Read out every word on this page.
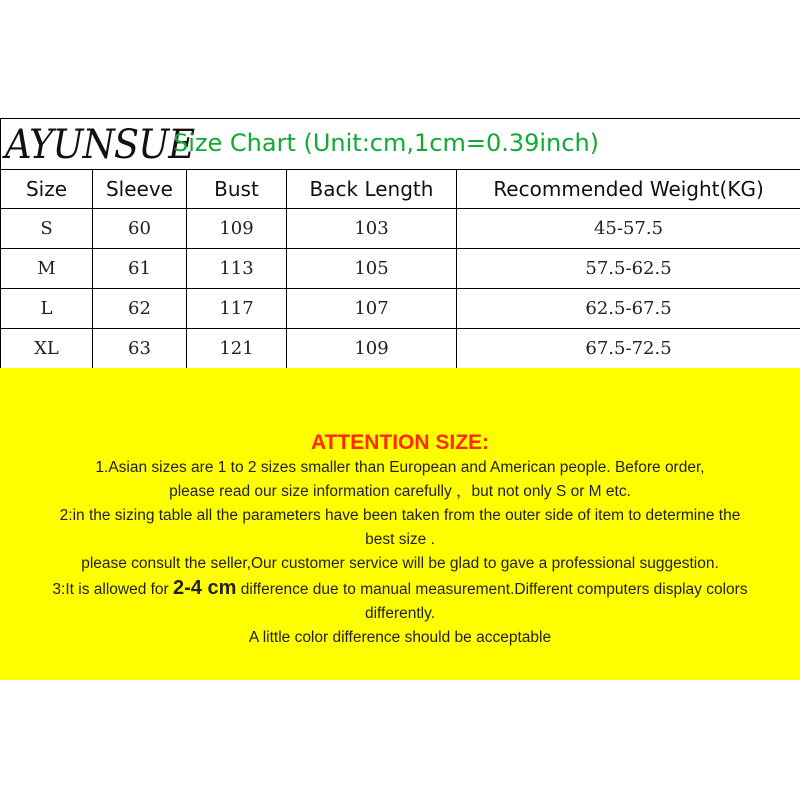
AYUNSUE
Size Chart (Unit:cm,1cm=0.39inch)				

Size	Sleeve	Bust	Back Length	Recommended Weight(KG)
S	60	109	103	45-57.5
M	61	113	105	57.5-62.5
L	62	117	107	62.5-67.5
XL	63	121	109	67.5-72.5
ATTENTION SIZE:
1.Asian sizes are 1 to 2 sizes smaller than European and American people. Before order,
please read our size information carefully ，but not only S or M etc.
2:in the sizing table all the parameters have been taken from the outer side of item to determine the
best size .
please consult the seller,Our customer service will be glad to gave a professional suggestion.
3:It is allowed for 2-4 cm difference due to manual measurement.Different computers display colors
differently.
A little color difference should be acceptable
